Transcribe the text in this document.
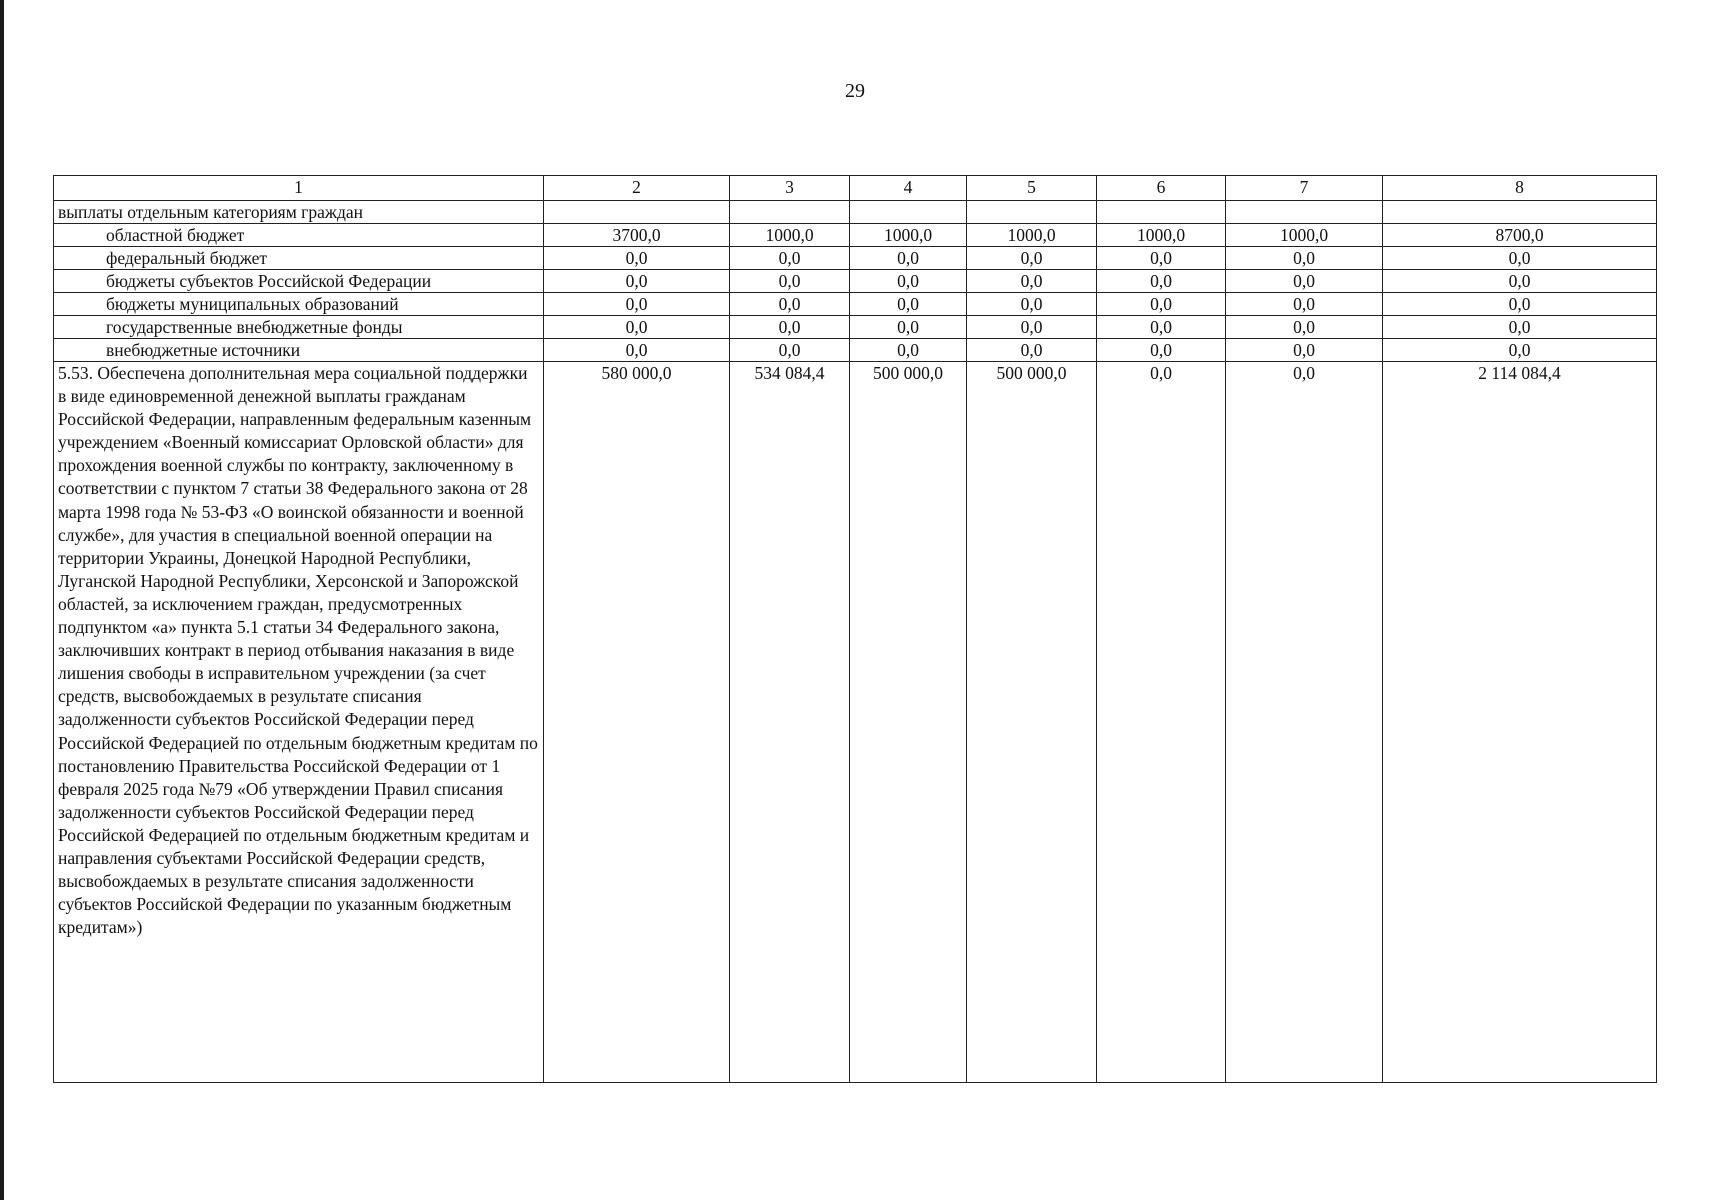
29
1	2	3	4	5	6	7	8
выплаты отдельным категориям граждан							
областной бюджет	3700,0	1000,0	1000,0	1000,0	1000,0	1000,0	8700,0
федеральный бюджет	0,0	0,0	0,0	0,0	0,0	0,0	0,0
бюджеты субъектов Российской Федерации	0,0	0,0	0,0	0,0	0,0	0,0	0,0
бюджеты муниципальных образований	0,0	0,0	0,0	0,0	0,0	0,0	0,0
государственные внебюджетные фонды	0,0	0,0	0,0	0,0	0,0	0,0	0,0
внебюджетные источники	0,0	0,0	0,0	0,0	0,0	0,0	0,0
5.53. Обеспечена дополнительная мера социальной поддержки в виде единовременной денежной выплаты гражданам Российской Федерации, направленным федеральным казенным учреждением «Военный комиссариат Орловской области» для прохождения военной службы по контракту, заключенному в соответствии с пунктом 7 статьи 38 Федерального закона от 28 марта 1998 года № 53-ФЗ «О воинской обязанности и военной службе», для участия в специальной военной операции на территории Украины, Донецкой Народной Республики, Луганской Народной Республики, Херсонской и Запорожской областей, за исключением граждан, предусмотренных подпунктом «а» пункта 5.1 статьи 34 Федерального закона, заключивших контракт в период отбывания наказания в виде лишения свободы в исправительном учреждении (за счет средств, высвобождаемых в результате списания задолженности субъектов Российской Федерации перед Российской Федерацией по отдельным бюджетным кредитам по постановлению Правительства Российской Федерации от 1 февраля 2025 года №79 «Об утверждении Правил списания задолженности субъектов Российской Федерации перед Российской Федерацией по отдельным бюджетным кредитам и направления субъектами Российской Федерации средств, высвобождаемых в результате списания задолженности субъектов Российской Федерации по указанным бюджетным кредитам»)	580 000,0	534 084,4	500 000,0	500 000,0	0,0	0,0	2 114 084,4
